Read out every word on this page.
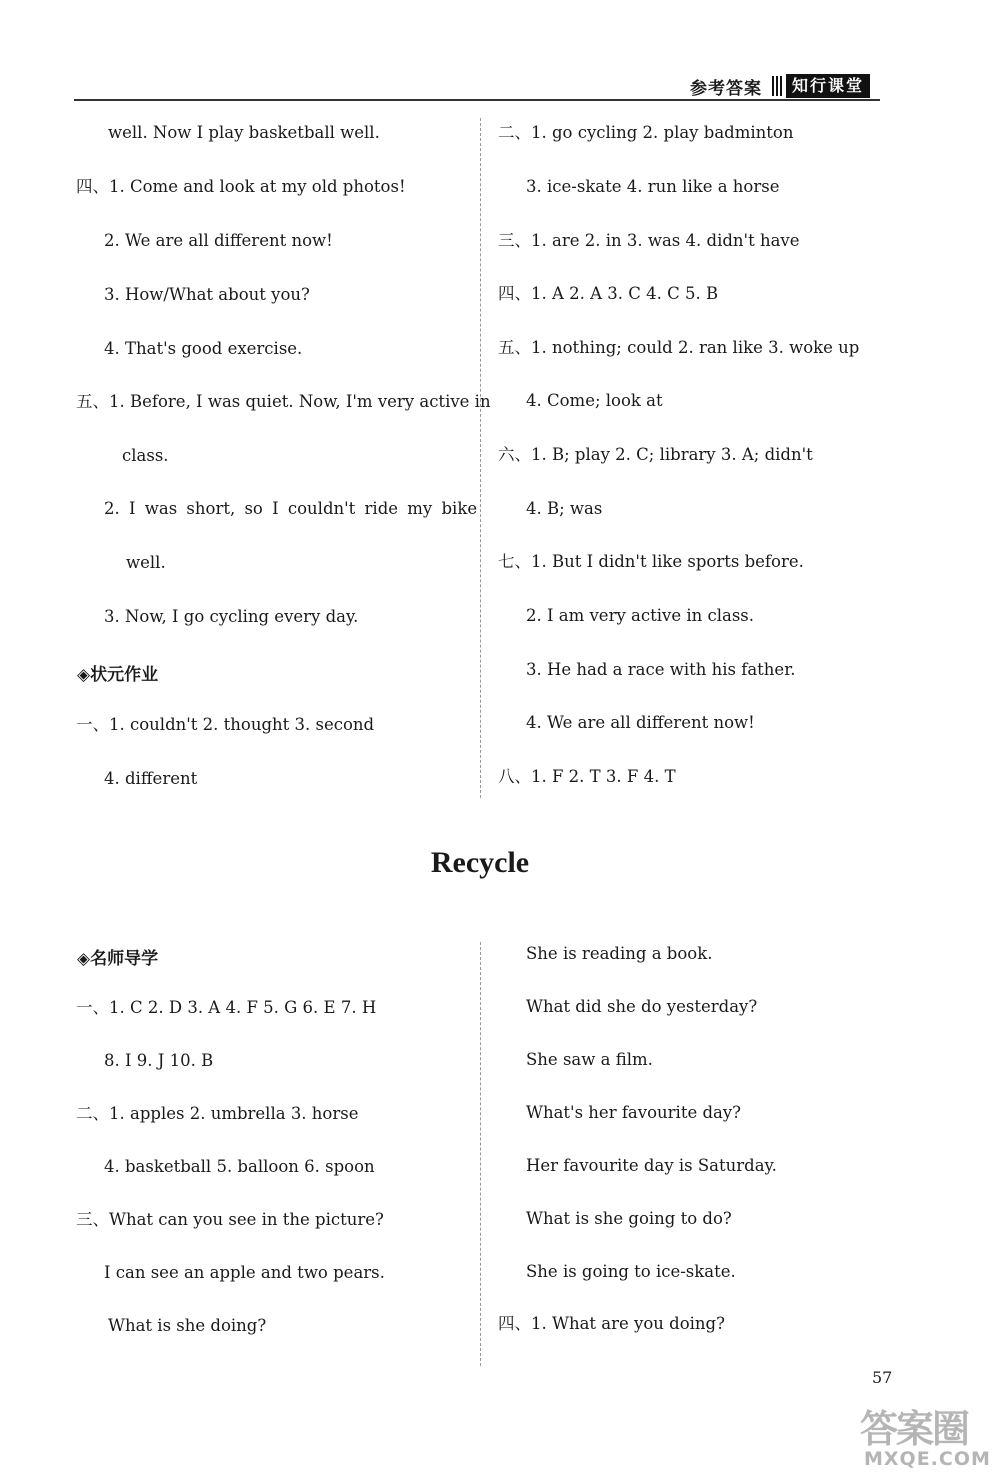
参考答案	知行课堂
well. Now I play basketball well.
四、1. Come and look at my old photos!
2. We are all different now!
3. How/What about you?
4. That's good exercise.
五、1. Before, I was quiet. Now, I'm very active in
class.
2. I was short, so I couldn't ride my bike
well.
3. Now, I go cycling every day.
◈状元作业
一、1. couldn't 2. thought 3. second
4. different
二、1. go cycling 2. play badminton
3. ice-skate 4. run like a horse
三、1. are 2. in 3. was 4. didn't have
四、1. A 2. A 3. C 4. C 5. B
五、1. nothing; could 2. ran like 3. woke up
4. Come; look at
六、1. B; play 2. C; library 3. A; didn't
4. B; was
七、1. But I didn't like sports before.
2. I am very active in class.
3. He had a race with his father.
4. We are all different now!
八、1. F 2. T 3. F 4. T
Recycle
◈名师导学
一、1. C 2. D 3. A 4. F 5. G 6. E 7. H
8. I 9. J 10. B
二、1. apples 2. umbrella 3. horse
4. basketball 5. balloon 6. spoon
三、What can you see in the picture?
I can see an apple and two pears.
What is she doing?
She is reading a book.
What did she do yesterday?
She saw a film.
What's her favourite day?
Her favourite day is Saturday.
What is she going to do?
She is going to ice-skate.
四、1. What are you doing?
57
答案圈
MXQE.COM
